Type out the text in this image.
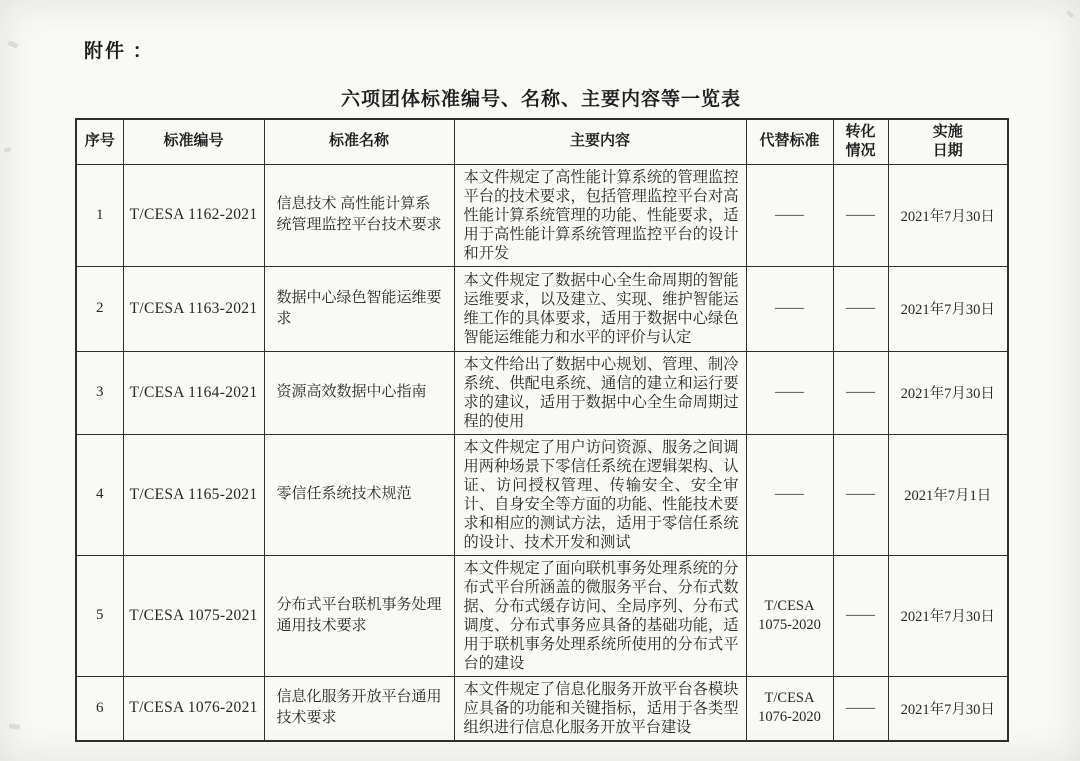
附件 ：
六项团体标准编号、名称、主要内容等一览表
序号	标准编号	标准名称	主要内容	代替标准	转化情况	实施日期
1	T/CESA 1162-2021	信息技术 高性能计算系统管理监控平台技术要求	本文件规定了高性能计算系统的管理监控平台的技术要求，包括管理监控平台对高性能计算系统管理的功能、性能要求，适用于高性能计算系统管理监控平台的设计和开发	——	——	2021年7月30日
2	T/CESA 1163-2021	数据中心绿色智能运维要求	本文件规定了数据中心全生命周期的智能运维要求，以及建立、实现、维护智能运维工作的具体要求，适用于数据中心绿色智能运维能力和水平的评价与认定	——	——	2021年7月30日
3	T/CESA 1164-2021	资源高效数据中心指南	本文件给出了数据中心规划、管理、制冷系统、供配电系统、通信的建立和运行要求的建议，适用于数据中心全生命周期过程的使用	——	——	2021年7月30日
4	T/CESA 1165-2021	零信任系统技术规范	本文件规定了用户访问资源、服务之间调用两种场景下零信任系统在逻辑架构、认证、访问授权管理、传输安全、安全审计、自身安全等方面的功能、性能技术要求和相应的测试方法，适用于零信任系统的设计、技术开发和测试	——	——	2021年7月1日
5	T/CESA 1075-2021	分布式平台联机事务处理通用技术要求	本文件规定了面向联机事务处理系统的分布式平台所涵盖的微服务平台、分布式数据、分布式缓存访问、全局序列、分布式调度、分布式事务应具备的基础功能，适用于联机事务处理系统所使用的分布式平台的建设	T/CESA 1075-2020	——	2021年7月30日
6	T/CESA 1076-2021	信息化服务开放平台通用技术要求	本文件规定了信息化服务开放平台各模块应具备的功能和关键指标，适用于各类型组织进行信息化服务开放平台建设	T/CESA 1076-2020	——	2021年7月30日
